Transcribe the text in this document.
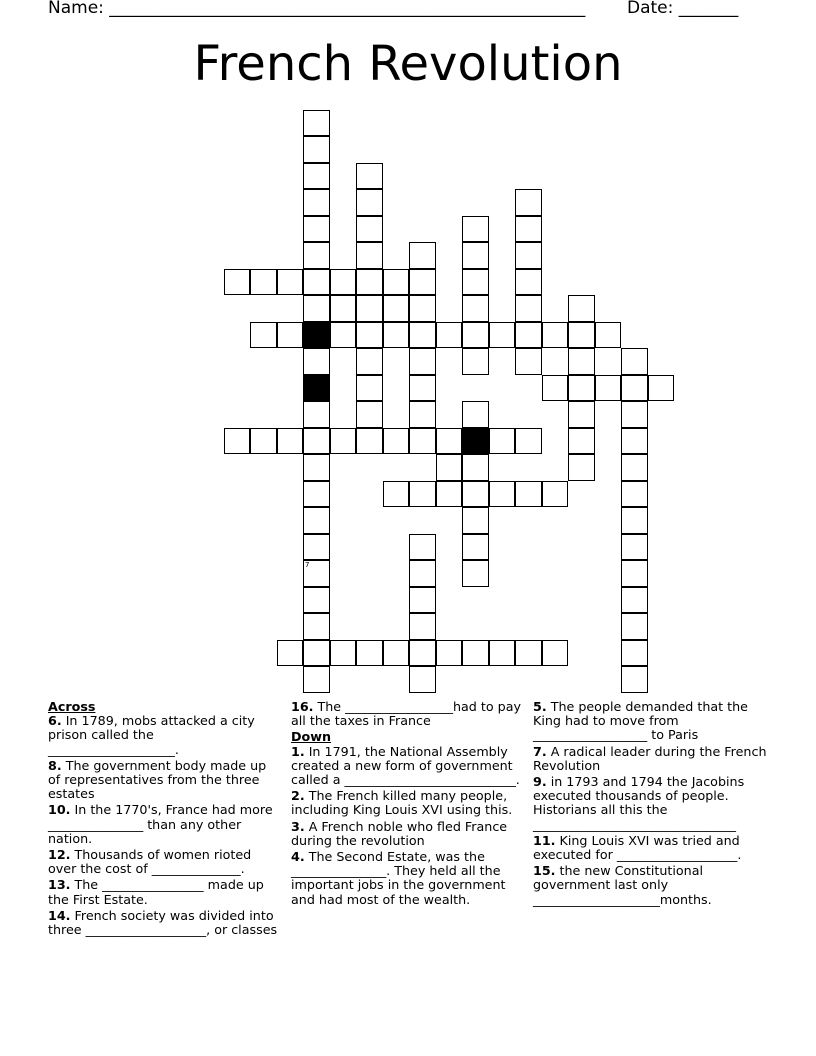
Name: ________________________________________________________ Date: _______
French Revolution
7
Across
6. In 1789, mobs attacked a city prison called the ____________________.
8. The government body made up of representatives from the three estates
10. In the 1770's, France had more _______________ than any other nation.
12. Thousands of women rioted over the cost of ______________.
13. The ________________ made up the First Estate.
14. French society was divided into three ___________________, or classes
16. The _________________had to pay all the taxes in France
Down
1. In 1791, the National Assembly created a new form of government called a ___________________________.
2. The French killed many people, including King Louis XVI using this.
3. A French noble who fled France during the revolution
4. The Second Estate, was the _______________. They held all the important jobs in the government and had most of the wealth.
5. The people demanded that the King had to move from __________________ to Paris
7. A radical leader during the French Revolution
9. in 1793 and 1794 the Jacobins executed thousands of people. Historians all this the ________________________________
11. King Louis XVI was tried and executed for ___________________.
15. the new Constitutional government last only ____________________months.
